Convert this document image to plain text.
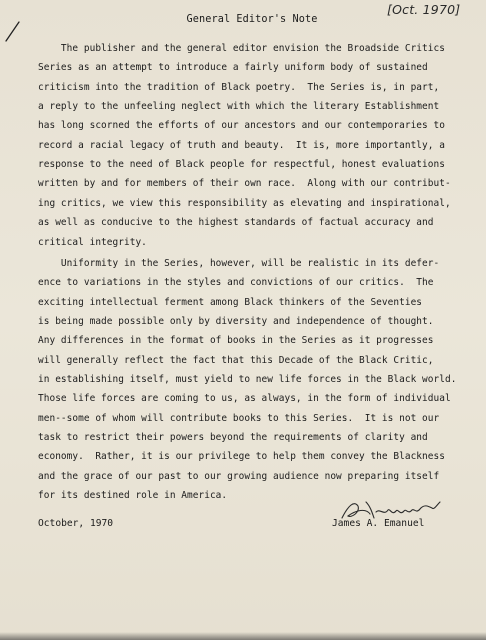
[Oct. 1970]
General Editor's Note
The publisher and the general editor envision the Broadside Critics
Series as an attempt to introduce a fairly uniform body of sustained
criticism into the tradition of Black poetry.  The Series is, in part,
a reply to the unfeeling neglect with which the literary Establishment
has long scorned the efforts of our ancestors and our contemporaries to
record a racial legacy of truth and beauty.  It is, more importantly, a
response to the need of Black people for respectful, honest evaluations
written by and for members of their own race.  Along with our contribut-
ing critics, we view this responsibility as elevating and inspirational,
as well as conducive to the highest standards of factual accuracy and
critical integrity.
Uniformity in the Series, however, will be realistic in its defer-
ence to variations in the styles and convictions of our critics.  The
exciting intellectual ferment among Black thinkers of the Seventies
is being made possible only by diversity and independence of thought.
Any differences in the format of books in the Series as it progresses
will generally reflect the fact that this Decade of the Black Critic,
in establishing itself, must yield to new life forces in the Black world.
Those life forces are coming to us, as always, in the form of individual
men--some of whom will contribute books to this Series.  It is not our
task to restrict their powers beyond the requirements of clarity and
economy.  Rather, it is our privilege to help them convey the Blackness
and the grace of our past to our growing audience now preparing itself
for its destined role in America.
October, 1970	James A. Emanuel
